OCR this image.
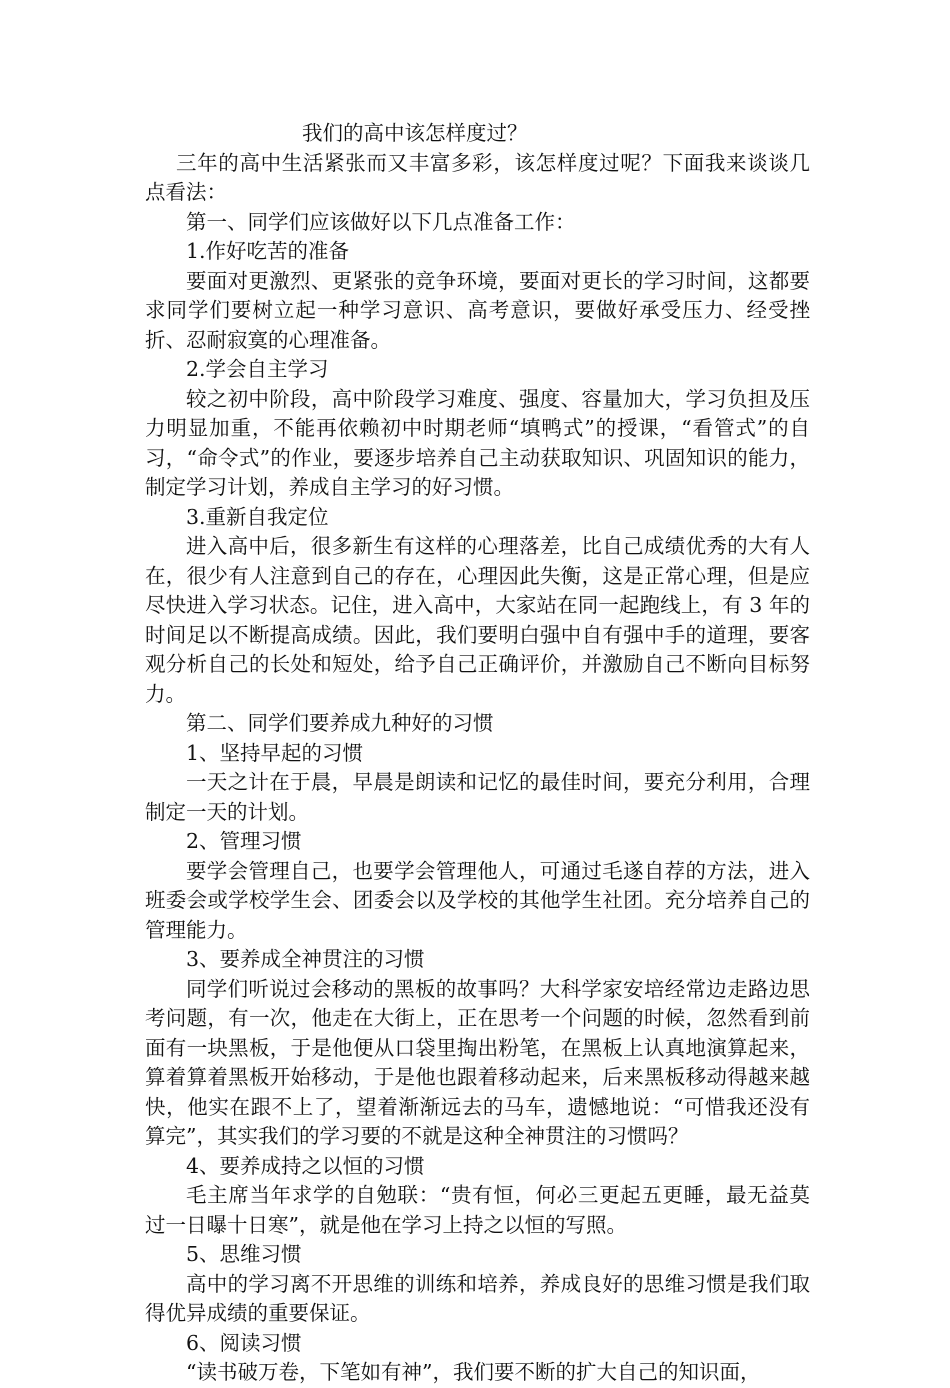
我们的高中该怎样度过？

三年的高中生活紧张而又丰富多彩，该怎样度过呢？下面我来谈谈几点看法：

第一、同学们应该做好以下几点准备工作：

1.作好吃苦的准备

要面对更激烈、更紧张的竞争环境，要面对更长的学习时间，这都要求同学们要树立起一种学习意识、高考意识，要做好承受压力、经受挫折、忍耐寂寞的心理准备。

2.学会自主学习

较之初中阶段，高中阶段学习难度、强度、容量加大，学习负担及压力明显加重，不能再依赖初中时期老师“填鸭式”的授课，“看管式”的自习，“命令式”的作业，要逐步培养自己主动获取知识、巩固知识的能力，制定学习计划，养成自主学习的好习惯。

3.重新自我定位

进入高中后，很多新生有这样的心理落差，比自己成绩优秀的大有人在，很少有人注意到自己的存在，心理因此失衡，这是正常心理，但是应尽快进入学习状态。记住，进入高中，大家站在同一起跑线上，有 3 年的时间足以不断提高成绩。因此，我们要明白强中自有强中手的道理，要客观分析自己的长处和短处，给予自己正确评价，并激励自己不断向目标努力。

第二、同学们要养成九种好的习惯

1、坚持早起的习惯

一天之计在于晨，早晨是朗读和记忆的最佳时间，要充分利用，合理制定一天的计划。

2、管理习惯

要学会管理自己，也要学会管理他人，可通过毛遂自荐的方法，进入班委会或学校学生会、团委会以及学校的其他学生社团。充分培养自己的管理能力。

3、要养成全神贯注的习惯

同学们听说过会移动的黑板的故事吗？大科学家安培经常边走路边思考问题，有一次，他走在大街上，正在思考一个问题的时候，忽然看到前面有一块黑板，于是他便从口袋里掏出粉笔，在黑板上认真地演算起来，算着算着黑板开始移动，于是他也跟着移动起来，后来黑板移动得越来越快，他实在跟不上了，望着渐渐远去的马车，遗憾地说：“可惜我还没有算完”，其实我们的学习要的不就是这种全神贯注的习惯吗？

4、要养成持之以恒的习惯

毛主席当年求学的自勉联：“贵有恒，何必三更起五更睡，最无益莫过一日曝十日寒”，就是他在学习上持之以恒的写照。

5、思维习惯

高中的学习离不开思维的训练和培养，养成良好的思维习惯是我们取得优异成绩的重要保证。

6、阅读习惯

“读书破万卷，下笔如有神”，我们要不断的扩大自己的知识面，
